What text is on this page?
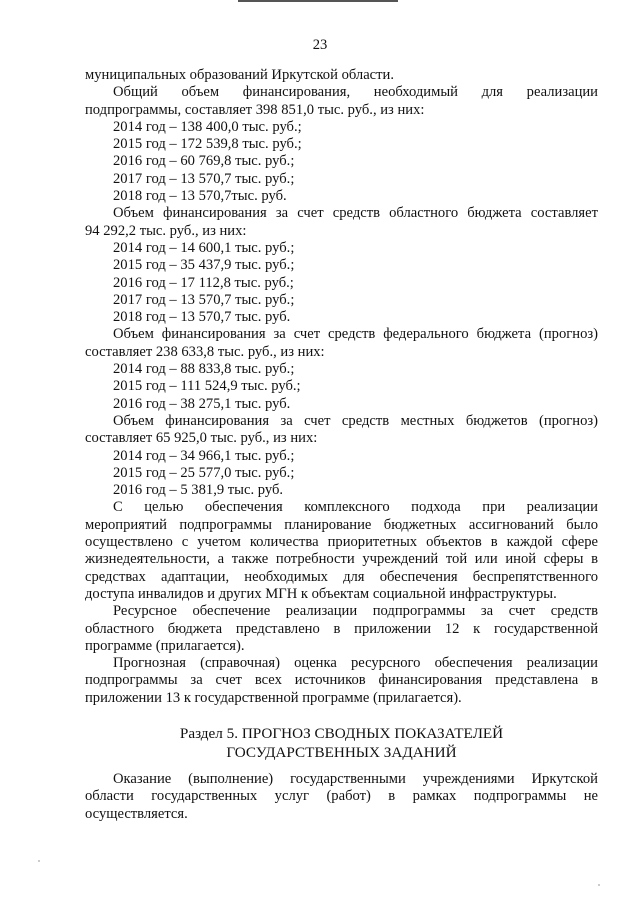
23
муниципальных образований Иркутской области.
Общий объем финансирования, необходимый для реализации
подпрограммы, составляет 398 851,0 тыс. руб., из них:
2014 год – 138 400,0 тыс. руб.;
2015 год – 172 539,8 тыс. руб.;
2016 год – 60 769,8 тыс. руб.;
2017 год – 13 570,7 тыс. руб.;
2018 год – 13 570,7тыс. руб.
Объем финансирования за счет средств областного бюджета составляет
94 292,2 тыс. руб., из них:
2014 год – 14 600,1 тыс. руб.;
2015 год – 35 437,9 тыс. руб.;
2016 год – 17 112,8 тыс. руб.;
2017 год – 13 570,7 тыс. руб.;
2018 год – 13 570,7 тыс. руб.
Объем финансирования за счет средств федерального бюджета (прогноз)
составляет 238 633,8 тыс. руб., из них:
2014 год – 88 833,8 тыс. руб.;
2015 год – 111 524,9 тыс. руб.;
2016 год – 38 275,1 тыс. руб.
Объем финансирования за счет средств местных бюджетов (прогноз)
составляет 65 925,0 тыс. руб., из них:
2014 год – 34 966,1 тыс. руб.;
2015 год – 25 577,0 тыс. руб.;
2016 год – 5 381,9 тыс. руб.
С целью обеспечения комплексного подхода при реализации
мероприятий подпрограммы планирование бюджетных ассигнований было
осуществлено с учетом количества приоритетных объектов в каждой сфере
жизнедеятельности, а также потребности учреждений той или иной сферы в
средствах адаптации, необходимых для обеспечения беспрепятственного
доступа инвалидов и других МГН к объектам социальной инфраструктуры.
Ресурсное обеспечение реализации подпрограммы за счет средств
областного бюджета представлено в приложении 12 к государственной
программе (прилагается).
Прогнозная (справочная) оценка ресурсного обеспечения реализации
подпрограммы за счет всех источников финансирования представлена в
приложении 13 к государственной программе (прилагается).
Раздел 5. ПРОГНОЗ СВОДНЫХ ПОКАЗАТЕЛЕЙ
ГОСУДАРСТВЕННЫХ ЗАДАНИЙ
Оказание (выполнение) государственными учреждениями Иркутской
области государственных услуг (работ) в рамках подпрограммы не
осуществляется.
